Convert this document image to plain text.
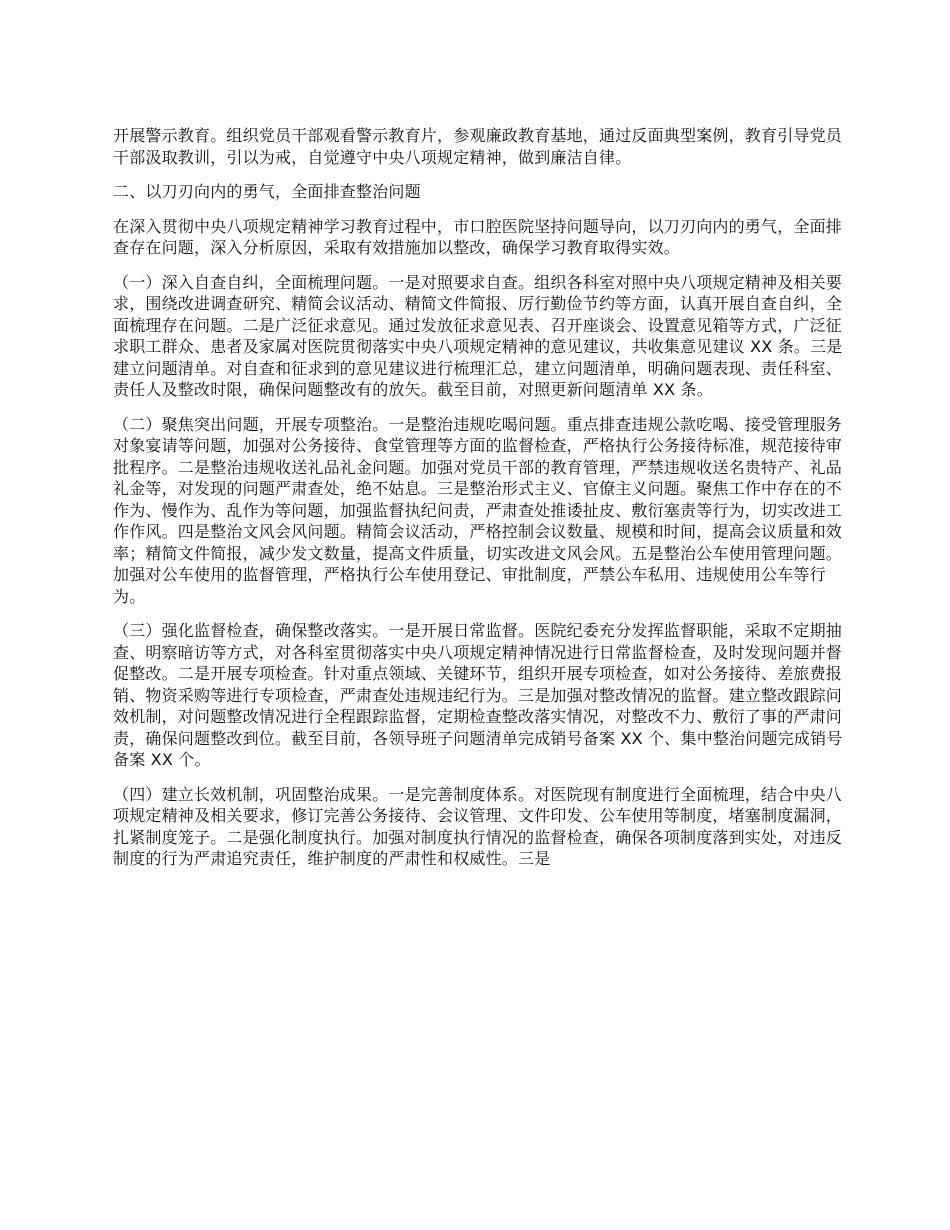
开展警示教育。组织党员干部观看警示教育片，参观廉政教育基地，通过反面典型案例，教育引导党员干部汲取教训，引以为戒，自觉遵守中央八项规定精神，做到廉洁自律。

二、以刀刃向内的勇气，全面排查整治问题

在深入贯彻中央八项规定精神学习教育过程中，市口腔医院坚持问题导向，以刀刃向内的勇气，全面排查存在问题，深入分析原因，采取有效措施加以整改，确保学习教育取得实效。

（一）深入自查自纠，全面梳理问题。一是对照要求自查。组织各科室对照中央八项规定精神及相关要求，围绕改进调查研究、精简会议活动、精简文件简报、厉行勤俭节约等方面，认真开展自查自纠，全面梳理存在问题。二是广泛征求意见。通过发放征求意见表、召开座谈会、设置意见箱等方式，广泛征求职工群众、患者及家属对医院贯彻落实中央八项规定精神的意见建议，共收集意见建议 XX 条。三是建立问题清单。对自查和征求到的意见建议进行梳理汇总，建立问题清单，明确问题表现、责任科室、责任人及整改时限，确保问题整改有的放矢。截至目前，对照更新问题清单 XX 条。

（二）聚焦突出问题，开展专项整治。一是整治违规吃喝问题。重点排查违规公款吃喝、接受管理服务对象宴请等问题，加强对公务接待、食堂管理等方面的监督检查，严格执行公务接待标准，规范接待审批程序。二是整治违规收送礼品礼金问题。加强对党员干部的教育管理，严禁违规收送名贵特产、礼品礼金等，对发现的问题严肃查处，绝不姑息。三是整治形式主义、官僚主义问题。聚焦工作中存在的不作为、慢作为、乱作为等问题，加强监督执纪问责，严肃查处推诿扯皮、敷衍塞责等行为，切实改进工作作风。四是整治文风会风问题。精简会议活动，严格控制会议数量、规模和时间，提高会议质量和效率；精简文件简报，减少发文数量，提高文件质量，切实改进文风会风。五是整治公车使用管理问题。加强对公车使用的监督管理，严格执行公车使用登记、审批制度，严禁公车私用、违规使用公车等行为。

（三）强化监督检查，确保整改落实。一是开展日常监督。医院纪委充分发挥监督职能，采取不定期抽查、明察暗访等方式，对各科室贯彻落实中央八项规定精神情况进行日常监督检查，及时发现问题并督促整改。二是开展专项检查。针对重点领域、关键环节，组织开展专项检查，如对公务接待、差旅费报销、物资采购等进行专项检查，严肃查处违规违纪行为。三是加强对整改情况的监督。建立整改跟踪问效机制，对问题整改情况进行全程跟踪监督，定期检查整改落实情况，对整改不力、敷衍了事的严肃问责，确保问题整改到位。截至目前，各领导班子问题清单完成销号备案 XX 个、集中整治问题完成销号备案 XX 个。

（四）建立长效机制，巩固整治成果。一是完善制度体系。对医院现有制度进行全面梳理，结合中央八项规定精神及相关要求，修订完善公务接待、会议管理、文件印发、公车使用等制度，堵塞制度漏洞，扎紧制度笼子。二是强化制度执行。加强对制度执行情况的监督检查，确保各项制度落到实处，对违反制度的行为严肃追究责任，维护制度的严肃性和权威性。三是
